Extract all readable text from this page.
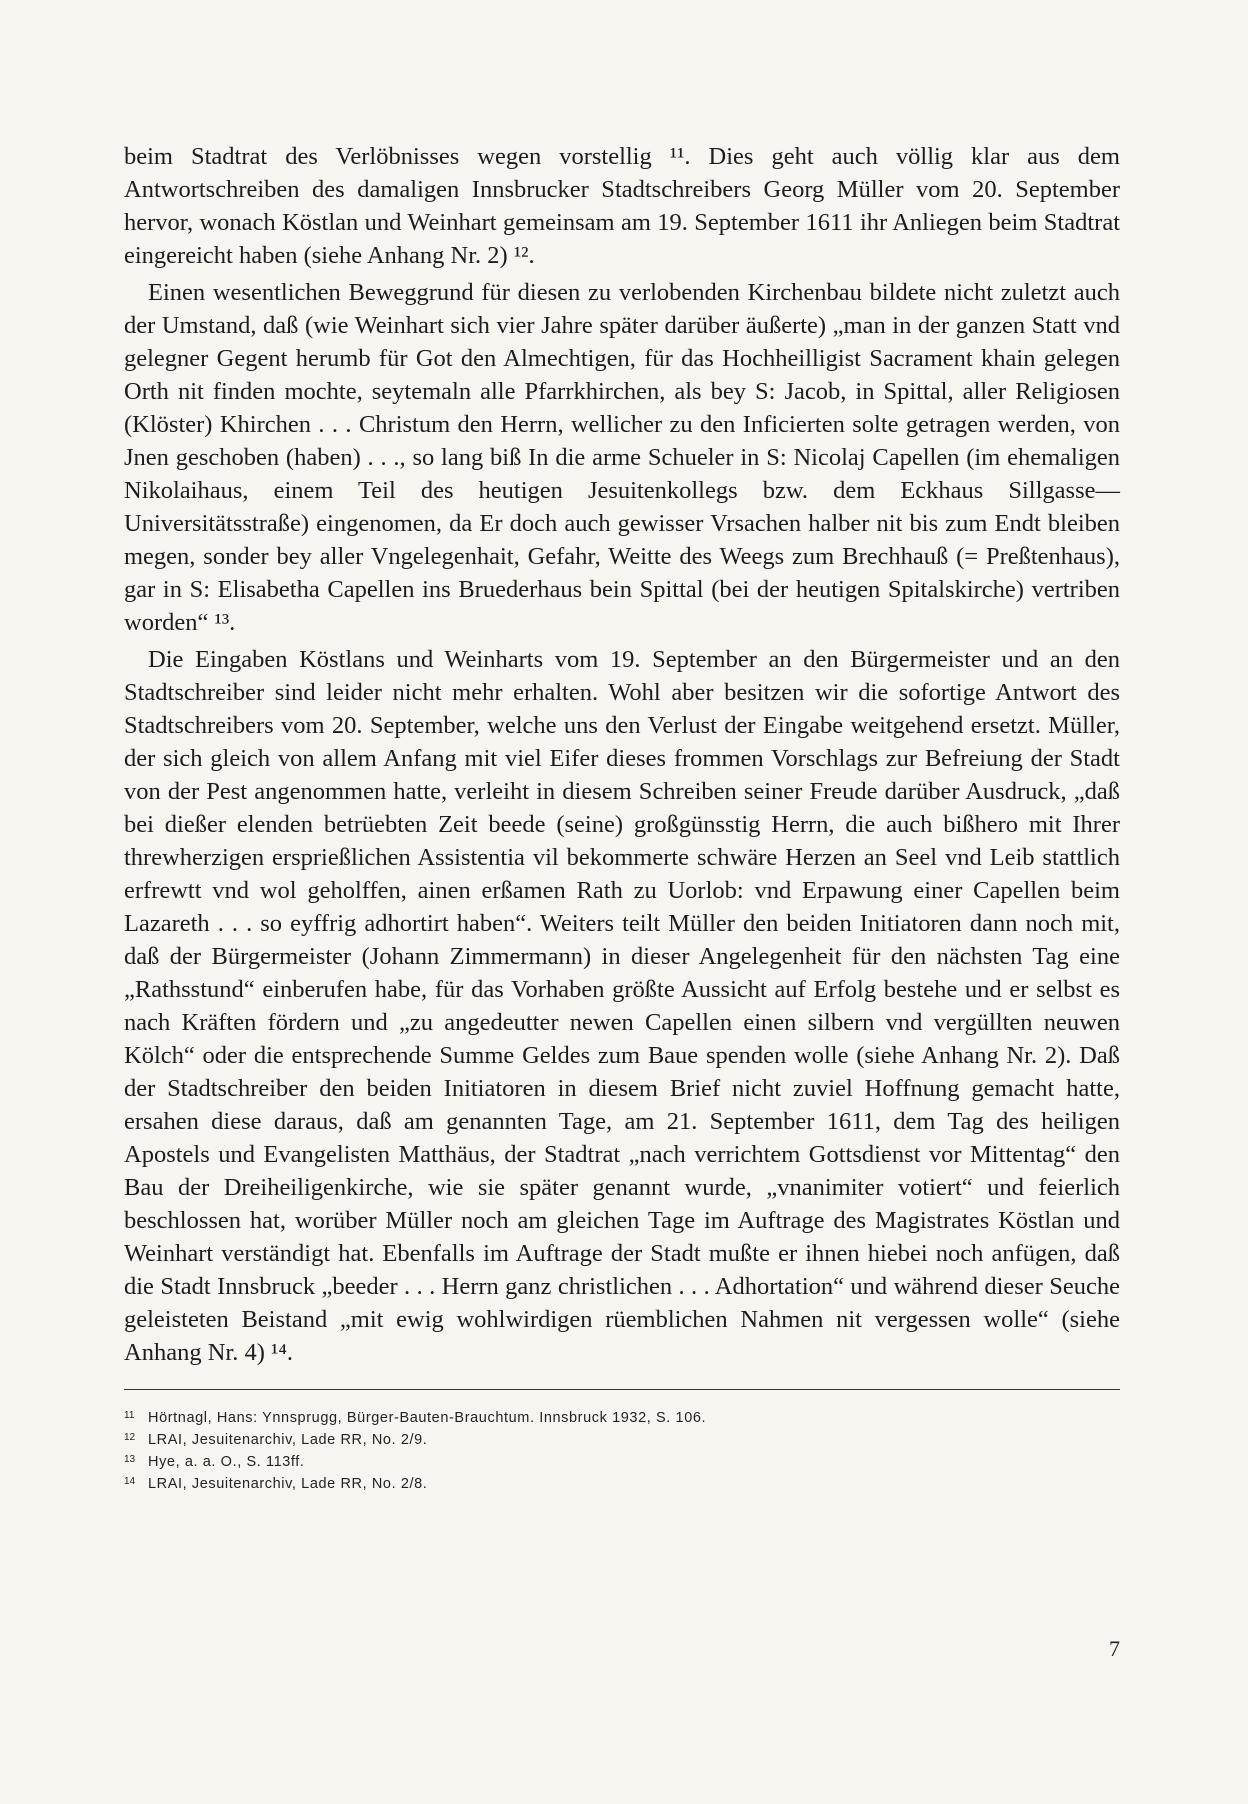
beim Stadtrat des Verlöbnisses wegen vorstellig ¹¹. Dies geht auch völlig klar aus dem Antwortschreiben des damaligen Innsbrucker Stadtschreibers Georg Müller vom 20. September hervor, wonach Köstlan und Weinhart gemeinsam am 19. September 1611 ihr Anliegen beim Stadtrat eingereicht haben (siehe Anhang Nr. 2) ¹².

Einen wesentlichen Beweggrund für diesen zu verlobenden Kirchenbau bildete nicht zuletzt auch der Umstand, daß (wie Weinhart sich vier Jahre später darüber äußerte) „man in der ganzen Statt vnd gelegner Gegent herumb für Got den Almechtigen, für das Hochheilligist Sacrament khain gelegen Orth nit finden mochte, seytemaln alle Pfarrkhirchen, als bey S: Jacob, in Spittal, aller Religiosen (Klöster) Khirchen . . . Christum den Herrn, wellicher zu den Inficierten solte getragen werden, von Jnen geschoben (haben) . . ., so lang biß In die arme Schueler in S: Nicolaj Capellen (im ehemaligen Nikolaihaus, einem Teil des heutigen Jesuitenkollegs bzw. dem Eckhaus Sillgasse—Universitätsstraße) eingenomen, da Er doch auch gewisser Vrsachen halber nit bis zum Endt bleiben megen, sonder bey aller Vngelegenhait, Gefahr, Weitte des Weegs zum Brechhauß (= Preßtenhaus), gar in S: Elisabetha Capellen ins Bruederhaus bein Spittal (bei der heutigen Spitalskirche) vertriben worden“ ¹³.

Die Eingaben Köstlans und Weinharts vom 19. September an den Bürgermeister und an den Stadtschreiber sind leider nicht mehr erhalten. Wohl aber besitzen wir die sofortige Antwort des Stadtschreibers vom 20. September, welche uns den Verlust der Eingabe weitgehend ersetzt. Müller, der sich gleich von allem Anfang mit viel Eifer dieses frommen Vorschlags zur Befreiung der Stadt von der Pest angenommen hatte, verleiht in diesem Schreiben seiner Freude darüber Ausdruck, „daß bei dießer elenden betrüebten Zeit beede (seine) großgünsstig Herrn, die auch bißhero mit Ihrer threwherzigen ersprießlichen Assistentia vil bekommerte schwäre Herzen an Seel vnd Leib stattlich erfrewtt vnd wol geholffen, ainen erßamen Rath zu Uorlob: vnd Erpawung einer Capellen beim Lazareth . . . so eyffrig adhortirt haben“. Weiters teilt Müller den beiden Initiatoren dann noch mit, daß der Bürgermeister (Johann Zimmermann) in dieser Angelegenheit für den nächsten Tag eine „Rathsstund“ einberufen habe, für das Vorhaben größte Aussicht auf Erfolg bestehe und er selbst es nach Kräften fördern und „zu angedeutter newen Capellen einen silbern vnd vergüllten neuwen Kölch“ oder die entsprechende Summe Geldes zum Baue spenden wolle (siehe Anhang Nr. 2). Daß der Stadtschreiber den beiden Initiatoren in diesem Brief nicht zuviel Hoffnung gemacht hatte, ersahen diese daraus, daß am genannten Tage, am 21. September 1611, dem Tag des heiligen Apostels und Evangelisten Matthäus, der Stadtrat „nach verrichtem Gottsdienst vor Mittentag“ den Bau der Dreiheiligenkirche, wie sie später genannt wurde, „vnanimiter votiert“ und feierlich beschlossen hat, worüber Müller noch am gleichen Tage im Auftrage des Magistrates Köstlan und Weinhart verständigt hat. Ebenfalls im Auftrage der Stadt mußte er ihnen hiebei noch anfügen, daß die Stadt Innsbruck „beeder . . . Herrn ganz christlichen . . . Adhortation“ und während dieser Seuche geleisteten Beistand „mit ewig wohlwirdigen rüemblichen Nahmen nit vergessen wolle“ (siehe Anhang Nr. 4) ¹⁴.

11 Hörtnagl, Hans: Ynnsprugg, Bürger-Bauten-Brauchtum. Innsbruck 1932, S. 106.
12 LRAI, Jesuitenarchiv, Lade RR, No. 2/9.
13 Hye, a. a. O., S. 113ff.
14 LRAI, Jesuitenarchiv, Lade RR, No. 2/8.
7
